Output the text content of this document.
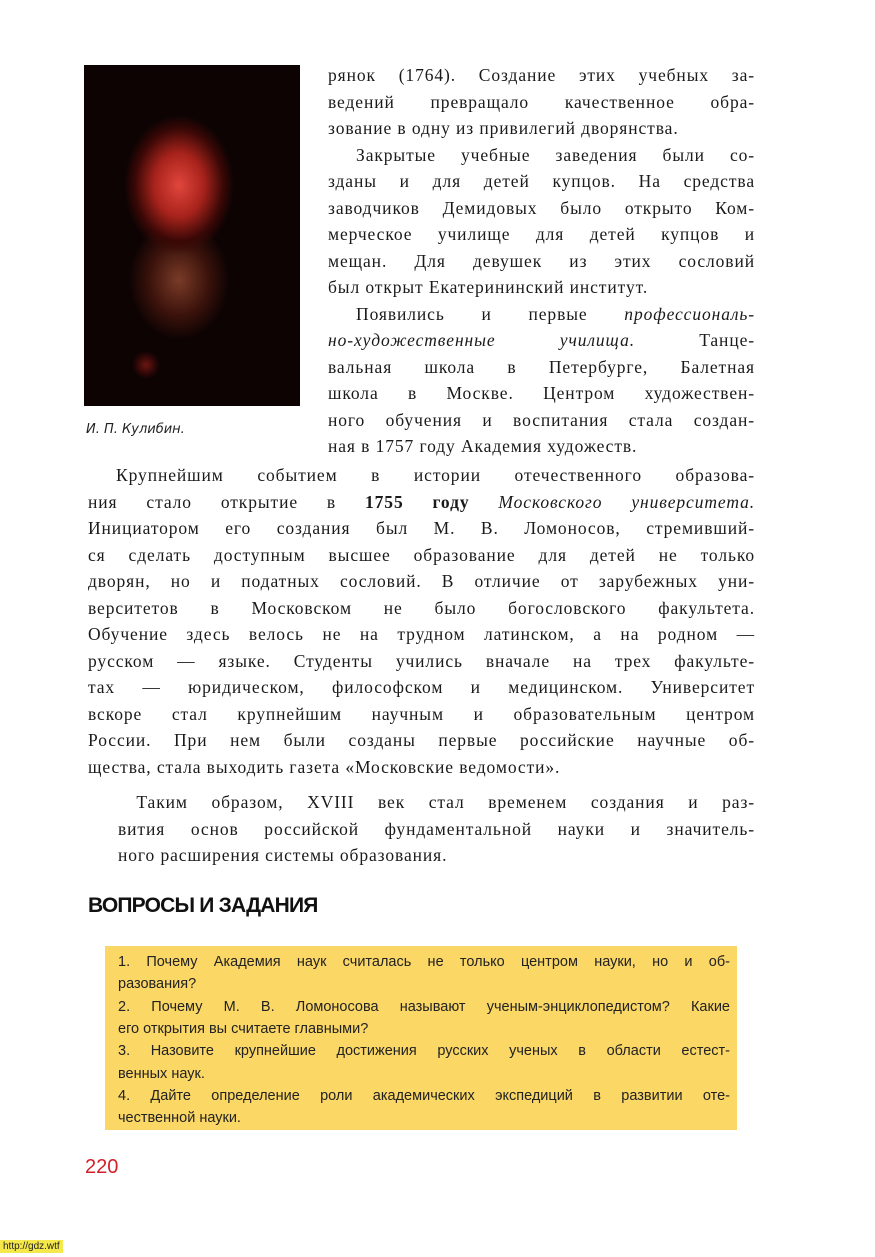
И. П. Кулибин.
рянок (1764). Создание этих учебных за-
ведений превращало качественное обра-
зование в одну из привилегий дворянства.
  Закрытые учебные заведения были со-
зданы и для детей купцов. На средства
заводчиков Демидовых было открыто Ком-
мерческое училище для детей купцов и
мещан. Для девушек из этих сословий
был открыт Екатерининский институт.
  Появились и первые профессиональ-
но-художественные училища. Танце-
вальная школа в Петербурге, Балетная
школа в Москве. Центром художествен-
ного обучения и воспитания стала создан-
ная в 1757 году Академия художеств.
  Крупнейшим событием в истории отечественного образова-
ния стало открытие в 1755 году Московского университета.
Инициатором его создания был М. В. Ломоносов, стремивший-
ся сделать доступным высшее образование для детей не только
дворян, но и податных сословий. В отличие от зарубежных уни-
верситетов в Московском не было богословского факультета.
Обучение здесь велось не на трудном латинском, а на родном —
русском — языке. Студенты учились вначале на трех факульте-
тах — юридическом, философском и медицинском. Университет
вскоре стал крупнейшим научным и образовательным центром
России. При нем были созданы первые российские научные об-
щества, стала выходить газета «Московские ведомости».
 Таким образом, XVIII век стал временем создания и раз-
вития основ российской фундаментальной науки и значитель-
ного расширения системы образования.
ВОПРОСЫ И ЗАДАНИЯ
1. Почему Академия наук считалась не только центром науки, но и об-
разования?
2. Почему М. В. Ломоносова называют ученым-энциклопедистом? Какие
его открытия вы считаете главными?
3. Назовите крупнейшие достижения русских ученых в области естест-
венных наук.
4. Дайте определение роли академических экспедиций в развитии оте-
чественной науки.
220
http://gdz.wtf
